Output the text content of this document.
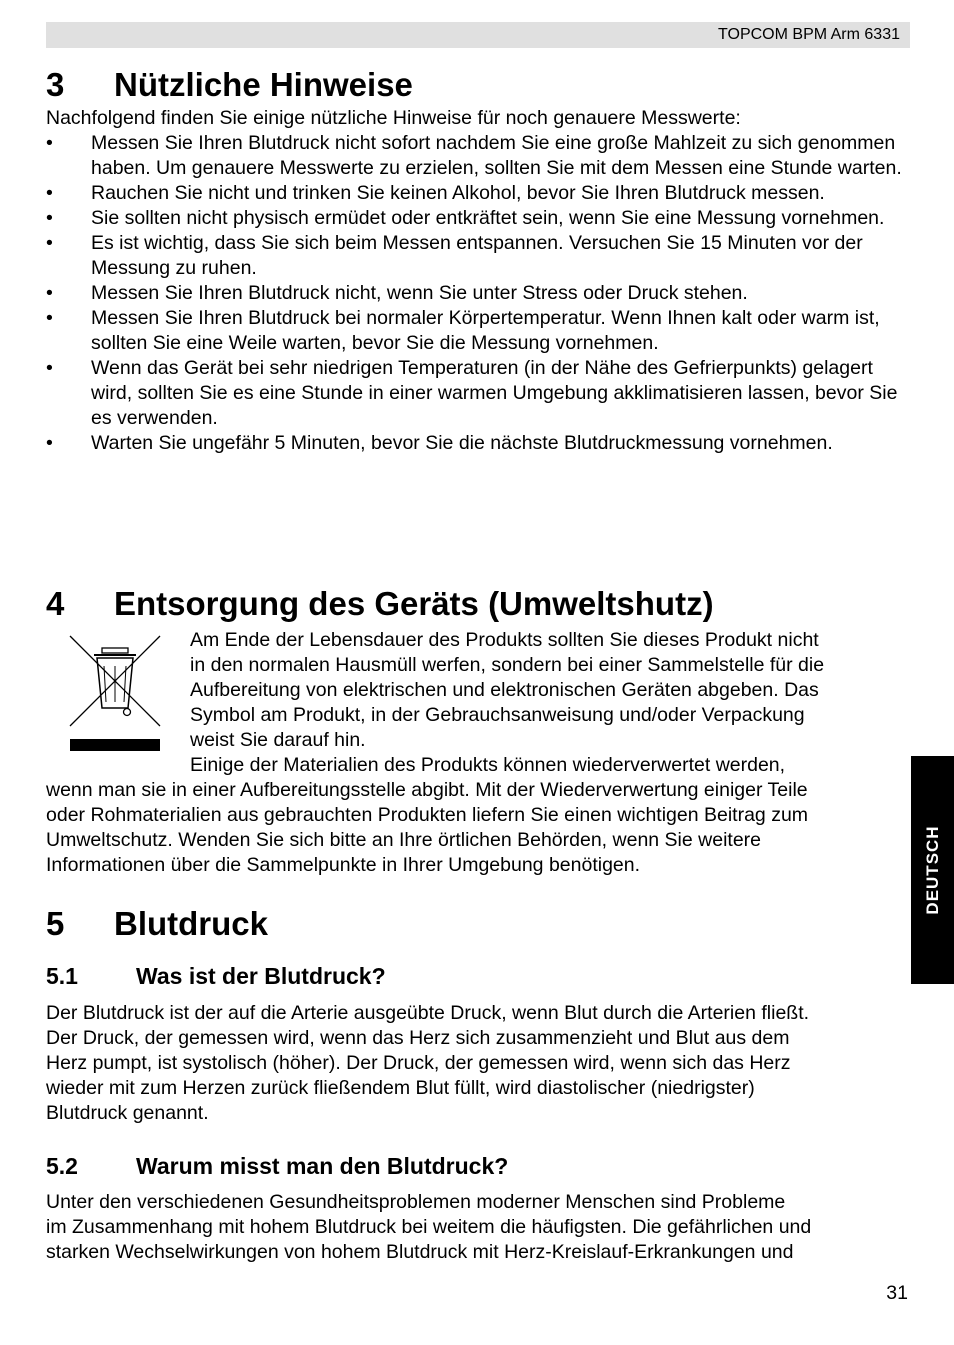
TOPCOM BPM Arm 6331
3 Nützliche Hinweise

Nachfolgend finden Sie einige nützliche Hinweise für noch genauere Messwerte:

• Messen Sie Ihren Blutdruck nicht sofort nachdem Sie eine große Mahlzeit zu sich genommen haben. Um genauere Messwerte zu erzielen, sollten Sie mit dem Messen eine Stunde warten.
• Rauchen Sie nicht und trinken Sie keinen Alkohol, bevor Sie Ihren Blutdruck messen.
• Sie sollten nicht physisch ermüdet oder entkräftet sein, wenn Sie eine Messung vornehmen.
• Es ist wichtig, dass Sie sich beim Messen entspannen. Versuchen Sie 15 Minuten vor der Messung zu ruhen.
• Messen Sie Ihren Blutdruck nicht, wenn Sie unter Stress oder Druck stehen.
• Messen Sie Ihren Blutdruck bei normaler Körpertemperatur. Wenn Ihnen kalt oder warm ist, sollten Sie eine Weile warten, bevor Sie die Messung vornehmen.
• Wenn das Gerät bei sehr niedrigen Temperaturen (in der Nähe des Gefrierpunkts) gelagert wird, sollten Sie es eine Stunde in einer warmen Umgebung akklimatisieren lassen, bevor Sie es verwenden.
• Warten Sie ungefähr 5 Minuten, bevor Sie die nächste Blutdruckmessung vornehmen.
4 Entsorgung des Geräts (Umweltshutz)

Am Ende der Lebensdauer des Produkts sollten Sie dieses Produkt nicht
in den normalen Hausmüll werfen, sondern bei einer Sammelstelle für die
Aufbereitung von elektrischen und elektronischen Geräten abgeben. Das
Symbol am Produkt, in der Gebrauchsanweisung und/oder Verpackung
weist Sie darauf hin.
Einige der Materialien des Produkts können wiederverwertet werden,

wenn man sie in einer Aufbereitungsstelle abgibt. Mit der Wiederverwertung einiger Teile
oder Rohmaterialien aus gebrauchten Produkten liefern Sie einen wichtigen Beitrag zum
Umweltschutz. Wenden Sie sich bitte an Ihre örtlichen Behörden, wenn Sie weitere
Informationen über die Sammelpunkte in Ihrer Umgebung benötigen.

5 Blutdruck
5.1	Was ist der Blutdruck?

Der Blutdruck ist der auf die Arterie ausgeübte Druck, wenn Blut durch die Arterien fließt.
Der Druck, der gemessen wird, wenn das Herz sich zusammenzieht und Blut aus dem
Herz pumpt, ist systolisch (höher). Der Druck, der gemessen wird, wenn sich das Herz
wieder mit zum Herzen zurück fließendem Blut füllt, wird diastolischer (niedrigster)
Blutdruck genannt.

5.2	Warum misst man den Blutdruck?

Unter den verschiedenen Gesundheitsproblemen moderner Menschen sind Probleme
im Zusammenhang mit hohem Blutdruck bei weitem die häufigsten. Die gefährlichen und
starken Wechselwirkungen von hohem Blutdruck mit Herz-Kreislauf-Erkrankungen und

DEUTSCH
31
